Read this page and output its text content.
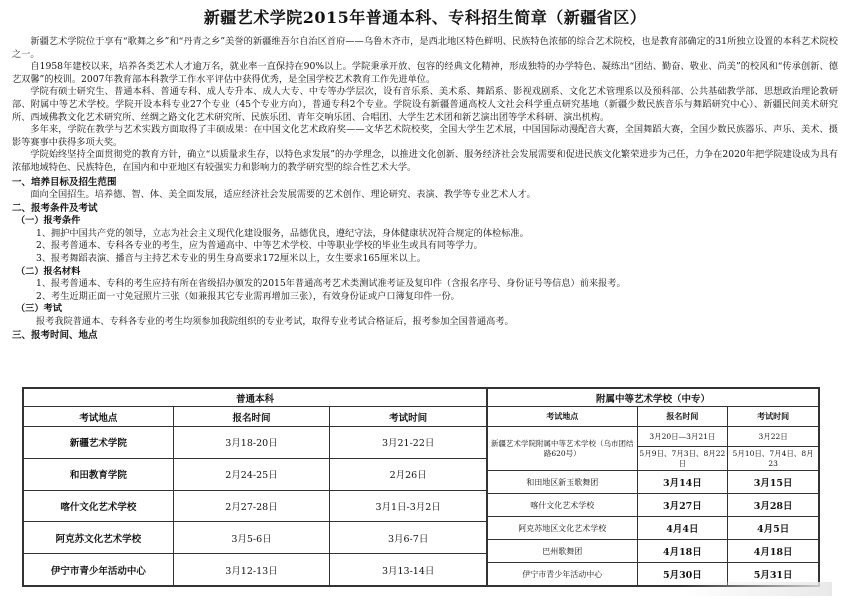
新疆艺术学院2015年普通本科、专科招生简章（新疆省区）

新疆艺术学院位于享有“歌舞之乡”和“丹青之乡”美誉的新疆维吾尔自治区首府——乌鲁木齐市，是西北地区特色鲜明、民族特色浓郁的综合艺术院校，也是教育部确定的31所独立设置的本科艺术院校之一。

自1958年建校以来，培养各类艺术人才逾万名，就业率一直保持在90%以上。学院秉承开放、包容的经典文化精神，形成独特的办学特色、凝练出“团结、勤奋、敬业、尚美”的校风和“传承创新、德艺双馨”的校训。2007年教育部本科教学工作水平评估中获得优秀，是全国学校艺术教育工作先进单位。

学院有硕士研究生、普通本科、普通专科、成人专升本、成人大专、中专等办学层次，设有音乐系、美术系、舞蹈系、影视戏剧系、文化艺术管理系以及预科部、公共基础教学部、思想政治理论教研部、附属中等艺术学校。学院开设本科专业27个专业（45个专业方向），普通专科2个专业。学院设有新疆普通高校人文社会科学重点研究基地（新疆少数民族音乐与舞蹈研究中心）、新疆民间美术研究所、西域佛教文化艺术研究所、丝绸之路文化艺术研究所、民族乐团、青年交响乐团、合唱团、大学生艺术团和新艺演出团等学术科研、演出机构。

多年来，学院在教学与艺术实践方面取得了丰硕成果：在中国文化艺术政府奖——文华艺术院校奖，全国大学生艺术展，中国国际动漫配音大赛，全国舞蹈大赛，全国少数民族器乐、声乐、美术、摄影等赛事中获得多项大奖。

学院始终坚持全面贯彻党的教育方针，确立“以质量求生存，以特色求发展”的办学理念，以推进文化创新、服务经济社会发展需要和促进民族文化繁荣进步为己任，力争在2020年把学院建设成为具有浓郁地域特色、民族特色，在国内和中亚地区有较强实力和影响力的教学研究型的综合性艺术大学。

一、培养目标及招生范围

面向全国招生。培养德、智、体、美全面发展，适应经济社会发展需要的艺术创作、理论研究、表演、教学等专业艺术人才。

二、报考条件及考试
（一）报考条件
1、拥护中国共产党的领导，立志为社会主义现代化建设服务，品德优良，遵纪守法，身体健康状况符合规定的体检标准。
2、报考普通本、专科各专业的考生，应为普通高中、中等艺术学校、中等职业学校的毕业生或具有同等学力。
3、报考舞蹈表演、播音与主持艺术专业的男生身高要求172厘米以上，女生要求165厘米以上。
（二）报名材料
1、报考普通本、专科的考生应持有所在省级招办颁发的2015年普通高考艺术类测试准考证及复印件（含报名序号、身份证号等信息）前来报考。
2、考生近期正面一寸免冠照片三张（如兼报其它专业需再增加三张），有效身份证或户口簿复印件一份。
（三）考试
报考我院普通本、专科各专业的考生均须参加我院组织的专业考试，取得专业考试合格证后，报考参加全国普通高考。
三、报考时间、地点
普通本科		
考试地点	报名时间	考试时间
新疆艺术学院	3月18-20日	3月21-22日
和田教育学院	2月24-25日	2月26日
喀什文化艺术学校	2月27-28日	3月1日-3月2日
阿克苏文化艺术学校	3月5-6日	3月6-7日
伊宁市青少年活动中心	3月12-13日	3月13-14日
附属中等艺术学校（中专）		
考试地点	报名时间	考试时间
新疆艺术学院附属中等艺术学校（乌市团结路620号）	3月20日—3月21日	3月22日
	5月9日、7月3日、8月22日	5月10日、7月4日、8月23
和田地区新玉歌舞团	3月14日	3月15日
喀什文化艺术学校	3月27日	3月28日
阿克苏地区文化艺术学校	4月4日	4月5日
巴州歌舞团	4月18日	4月18日
伊宁市青少年活动中心	5月30日	5月31日
